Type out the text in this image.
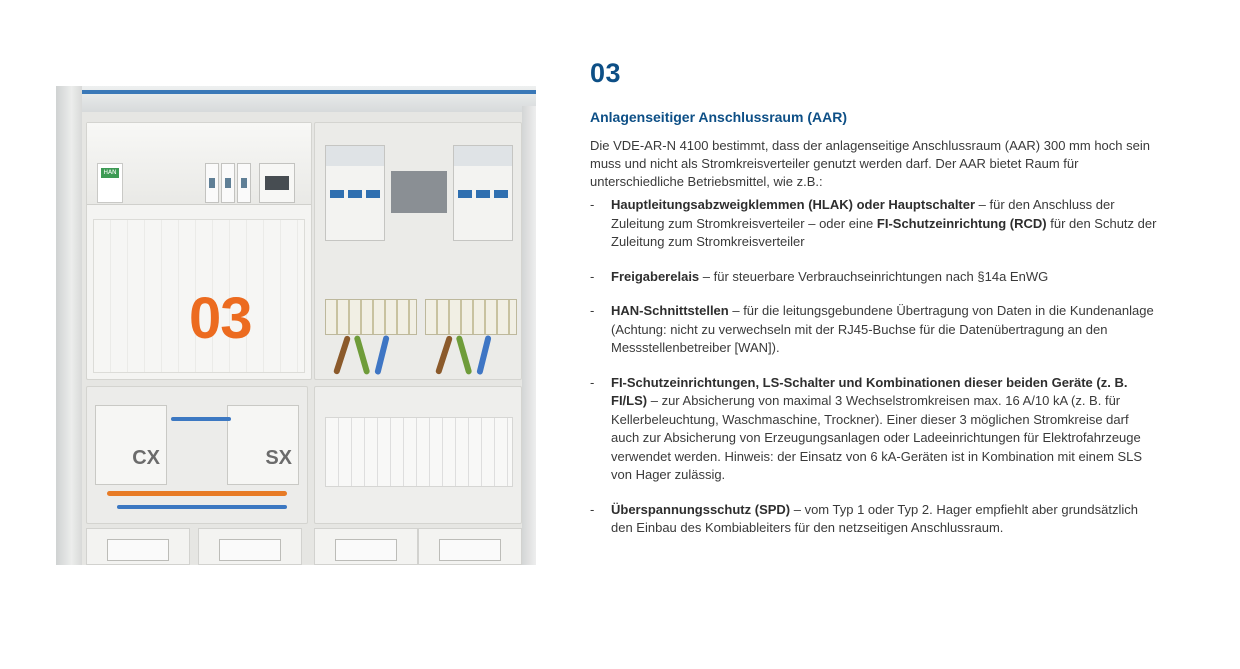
HAN
03
CX	SX
03
Anlagenseitiger Anschlussraum (AAR)

Die VDE-AR-N 4100 bestimmt, dass der anlagenseitige Anschlussraum (AAR) 300 mm hoch sein muss und nicht als Stromkreisverteiler genutzt werden darf. Der AAR bietet Raum für unterschiedliche Betriebsmittel, wie z.B.:

- Hauptleitungsabzweigklemmen (HLAK) oder Hauptschalter – für den Anschluss der Zuleitung zum Stromkreisverteiler – oder eine FI-Schutzeinrichtung (RCD) für den Schutz der Zuleitung zum Stromkreisverteiler
- Freigaberelais – für steuerbare Verbrauchseinrichtungen nach §14a EnWG
- HAN-Schnittstellen – für die leitungsgebundene Übertragung von Daten in die Kundenanlage (Achtung: nicht zu verwechseln mit der RJ45-Buchse für die Datenübertragung an den Messstellenbetreiber [WAN]).
- FI-Schutzeinrichtungen, LS-Schalter und Kombinationen dieser beiden Geräte (z. B. FI/LS) – zur Absicherung von maximal 3 Wechselstromkreisen max. 16 A/10 kA (z. B. für Kellerbeleuchtung, Waschmaschine, Trockner). Einer dieser 3 möglichen Stromkreise darf auch zur Absicherung von Erzeugungsanlagen oder Ladeeinrichtungen für Elektrofahrzeuge verwendet werden. Hinweis: der Einsatz von 6 kA-Geräten ist in Kombination mit einem SLS von Hager zulässig.
- Überspannungsschutz (SPD) – vom Typ 1 oder Typ 2. Hager empfiehlt aber grundsätzlich den Einbau des Kombiableiters für den netzseitigen Anschlussraum.
